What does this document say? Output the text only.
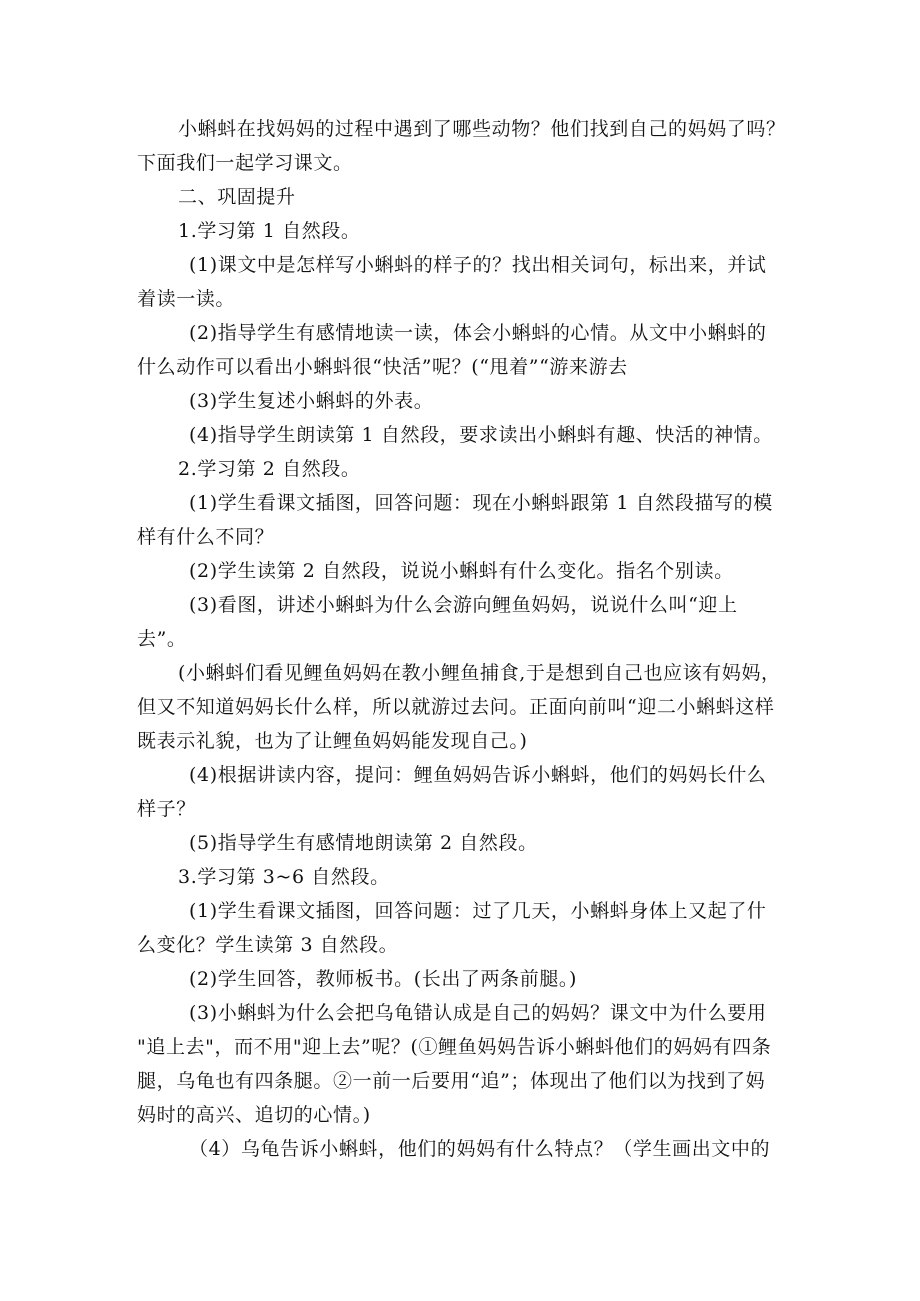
小蝌蚪在找妈妈的过程中遇到了哪些动物？他们找到自己的妈妈了吗？
下面我们一起学习课文。
二、巩固提升
1.学习第 1 自然段。
(1)课文中是怎样写小蝌蚪的样子的？找出相关词句，标出来，并试
着读一读。
(2)指导学生有感情地读一读，体会小蝌蚪的心情。从文中小蝌蚪的
什么动作可以看出小蝌蚪很“快活”呢？(“甩着”“游来游去
(3)学生复述小蝌蚪的外表。
(4)指导学生朗读第 1 自然段，要求读出小蝌蚪有趣、快活的神情。
2.学习第 2 自然段。
(1)学生看课文插图，回答问题：现在小蝌蚪跟第 1 自然段描写的模
样有什么不同？
(2)学生读第 2 自然段，说说小蝌蚪有什么变化。指名个别读。
(3)看图，讲述小蝌蚪为什么会游向鲤鱼妈妈，说说什么叫“迎上
去”。
(小蝌蚪们看见鲤鱼妈妈在教小鲤鱼捕食,于是想到自己也应该有妈妈，
但又不知道妈妈长什么样，所以就游过去问。正面向前叫“迎二小蝌蚪这样
既表示礼貌，也为了让鲤鱼妈妈能发现自己。)
(4)根据讲读内容，提问：鲤鱼妈妈告诉小蝌蚪，他们的妈妈长什么
样子？
(5)指导学生有感情地朗读第 2 自然段。
3.学习第 3~6 自然段。
(1)学生看课文插图，回答问题：过了几天，小蝌蚪身体上又起了什
么变化？学生读第 3 自然段。
(2)学生回答，教师板书。(长出了两条前腿。)
(3)小蝌蚪为什么会把乌龟错认成是自己的妈妈？课文中为什么要用
"追上去"，而不用"迎上去”呢？(①鲤鱼妈妈告诉小蝌蚪他们的妈妈有四条
腿，乌龟也有四条腿。②一前一后要用“追”；体现出了他们以为找到了妈
妈时的高兴、追切的心情。)
（4）乌龟告诉小蝌蚪，他们的妈妈有什么特点？（学生画出文中的
